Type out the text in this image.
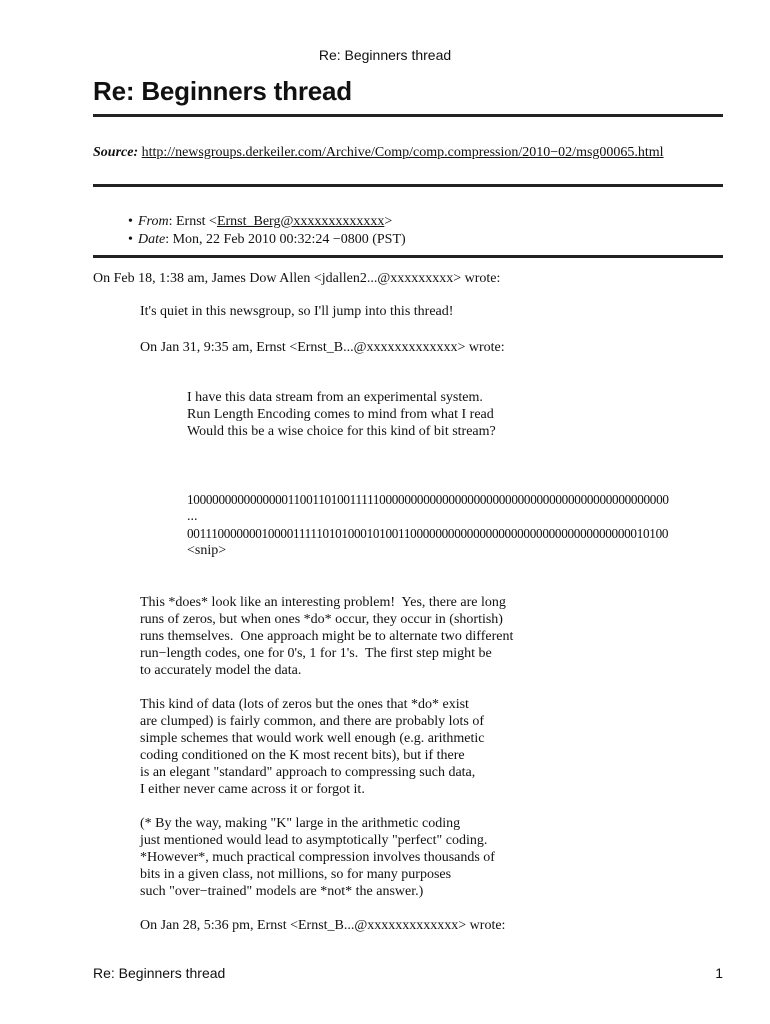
Re: Beginners thread
Re: Beginners thread
Source: http://newsgroups.derkeiler.com/Archive/Comp/comp.compression/2010−02/msg00065.html
• From: Ernst <Ernst_Berg@xxxxxxxxxxxxx>
• Date: Mon, 22 Feb 2010 00:32:24 −0800 (PST)
On Feb 18, 1:38 am, James Dow Allen <jdallen2...@xxxxxxxxx> wrote:
It's quiet in this newsgroup, so I'll jump into this thread!
On Jan 31, 9:35 am, Ernst <Ernst_B...@xxxxxxxxxxxxx> wrote:
I have this data stream from an experimental system.
Run Length Encoding comes to mind from what I read
Would this be a wise choice for this kind of bit stream?
10000000000000001100110100111110000000000000000000000000000000000000000000000
...
00111000000010000111110101000101001100000000000000000000000000000000000010100
<snip>
This *does* look like an interesting problem!  Yes, there are long
runs of zeros, but when ones *do* occur, they occur in (shortish)
runs themselves.  One approach might be to alternate two different
run−length codes, one for 0's, 1 for 1's.  The first step might be
to accurately model the data.
This kind of data (lots of zeros but the ones that *do* exist
are clumped) is fairly common, and there are probably lots of
simple schemes that would work well enough (e.g. arithmetic
coding conditioned on the K most recent bits), but if there
is an elegant "standard" approach to compressing such data,
I either never came across it or forgot it.
(* By the way, making "K" large in the arithmetic coding
just mentioned would lead to asymptotically "perfect" coding.
*However*, much practical compression involves thousands of
bits in a given class, not millions, so for many purposes
such "over−trained" models are *not* the answer.)
On Jan 28, 5:36 pm, Ernst <Ernst_B...@xxxxxxxxxxxxx> wrote:
Re: Beginners thread	1
